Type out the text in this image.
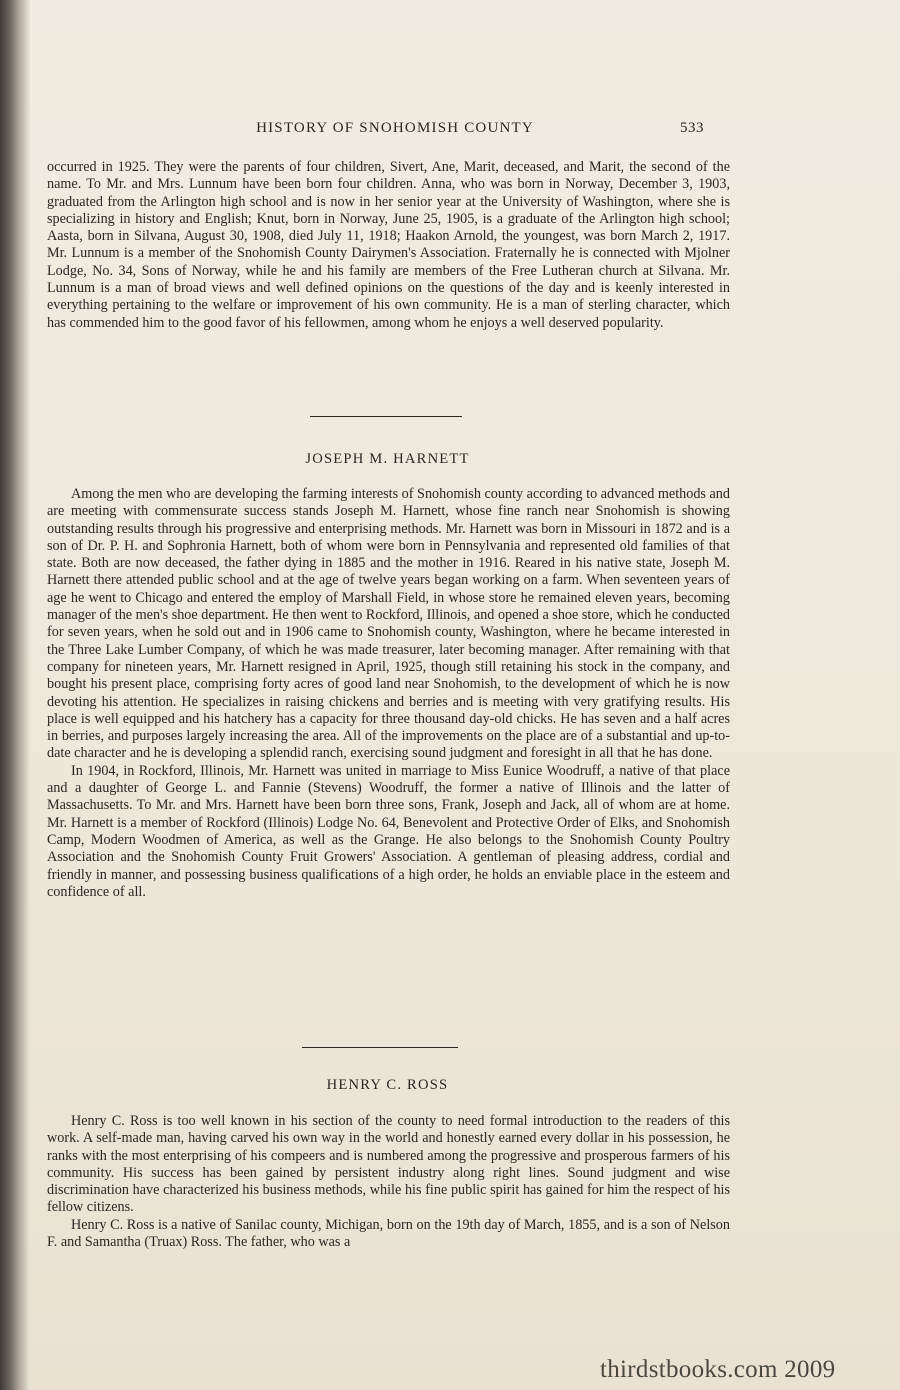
HISTORY OF SNOHOMISH COUNTY	533

occurred in 1925. They were the parents of four children, Sivert, Ane, Marit, deceased, and Marit, the second of the name. To Mr. and Mrs. Lunnum have been born four children. Anna, who was born in Norway, December 3, 1903, graduated from the Arlington high school and is now in her senior year at the University of Washington, where she is specializing in history and English; Knut, born in Norway, June 25, 1905, is a graduate of the Arlington high school; Aasta, born in Silvana, August 30, 1908, died July 11, 1918; Haakon Arnold, the youngest, was born March 2, 1917. Mr. Lunnum is a member of the Snohomish County Dairymen's Association. Fraternally he is connected with Mjolner Lodge, No. 34, Sons of Norway, while he and his family are members of the Free Lutheran church at Silvana. Mr. Lunnum is a man of broad views and well defined opinions on the questions of the day and is keenly interested in everything pertaining to the welfare or improvement of his own community. He is a man of sterling character, which has commended him to the good favor of his fellowmen, among whom he enjoys a well deserved popularity.

JOSEPH M. HARNETT

Among the men who are developing the farming interests of Snohomish county according to advanced methods and are meeting with commensurate success stands Joseph M. Harnett, whose fine ranch near Snohomish is showing outstanding results through his progressive and enterprising methods. Mr. Harnett was born in Missouri in 1872 and is a son of Dr. P. H. and Sophronia Harnett, both of whom were born in Pennsylvania and represented old families of that state. Both are now deceased, the father dying in 1885 and the mother in 1916. Reared in his native state, Joseph M. Harnett there attended public school and at the age of twelve years began working on a farm. When seventeen years of age he went to Chicago and entered the employ of Marshall Field, in whose store he remained eleven years, becoming manager of the men's shoe department. He then went to Rockford, Illinois, and opened a shoe store, which he conducted for seven years, when he sold out and in 1906 came to Snohomish county, Washington, where he became interested in the Three Lake Lumber Company, of which he was made treasurer, later becoming manager. After remaining with that company for nineteen years, Mr. Harnett resigned in April, 1925, though still retaining his stock in the company, and bought his present place, comprising forty acres of good land near Snohomish, to the development of which he is now devoting his attention. He specializes in raising chickens and berries and is meeting with very gratifying results. His place is well equipped and his hatchery has a capacity for three thousand day-old chicks. He has seven and a half acres in berries, and purposes largely increasing the area. All of the improvements on the place are of a substantial and up-to-date character and he is developing a splendid ranch, exercising sound judgment and foresight in all that he has done.

In 1904, in Rockford, Illinois, Mr. Harnett was united in marriage to Miss Eunice Woodruff, a native of that place and a daughter of George L. and Fannie (Stevens) Woodruff, the former a native of Illinois and the latter of Massachusetts. To Mr. and Mrs. Harnett have been born three sons, Frank, Joseph and Jack, all of whom are at home. Mr. Harnett is a member of Rockford (Illinois) Lodge No. 64, Benevolent and Protective Order of Elks, and Snohomish Camp, Modern Woodmen of America, as well as the Grange. He also belongs to the Snohomish County Poultry Association and the Snohomish County Fruit Growers' Association. A gentleman of pleasing address, cordial and friendly in manner, and possessing business qualifications of a high order, he holds an enviable place in the esteem and confidence of all.

HENRY C. ROSS

Henry C. Ross is too well known in his section of the county to need formal introduction to the readers of this work. A self-made man, having carved his own way in the world and honestly earned every dollar in his possession, he ranks with the most enterprising of his compeers and is numbered among the progressive and prosperous farmers of his community. His success has been gained by persistent industry along right lines. Sound judgment and wise discrimination have characterized his business methods, while his fine public spirit has gained for him the respect of his fellow citizens.

Henry C. Ross is a native of Sanilac county, Michigan, born on the 19th day of March, 1855, and is a son of Nelson F. and Samantha (Truax) Ross. The father, who was a

thirdstbooks.com 2009
